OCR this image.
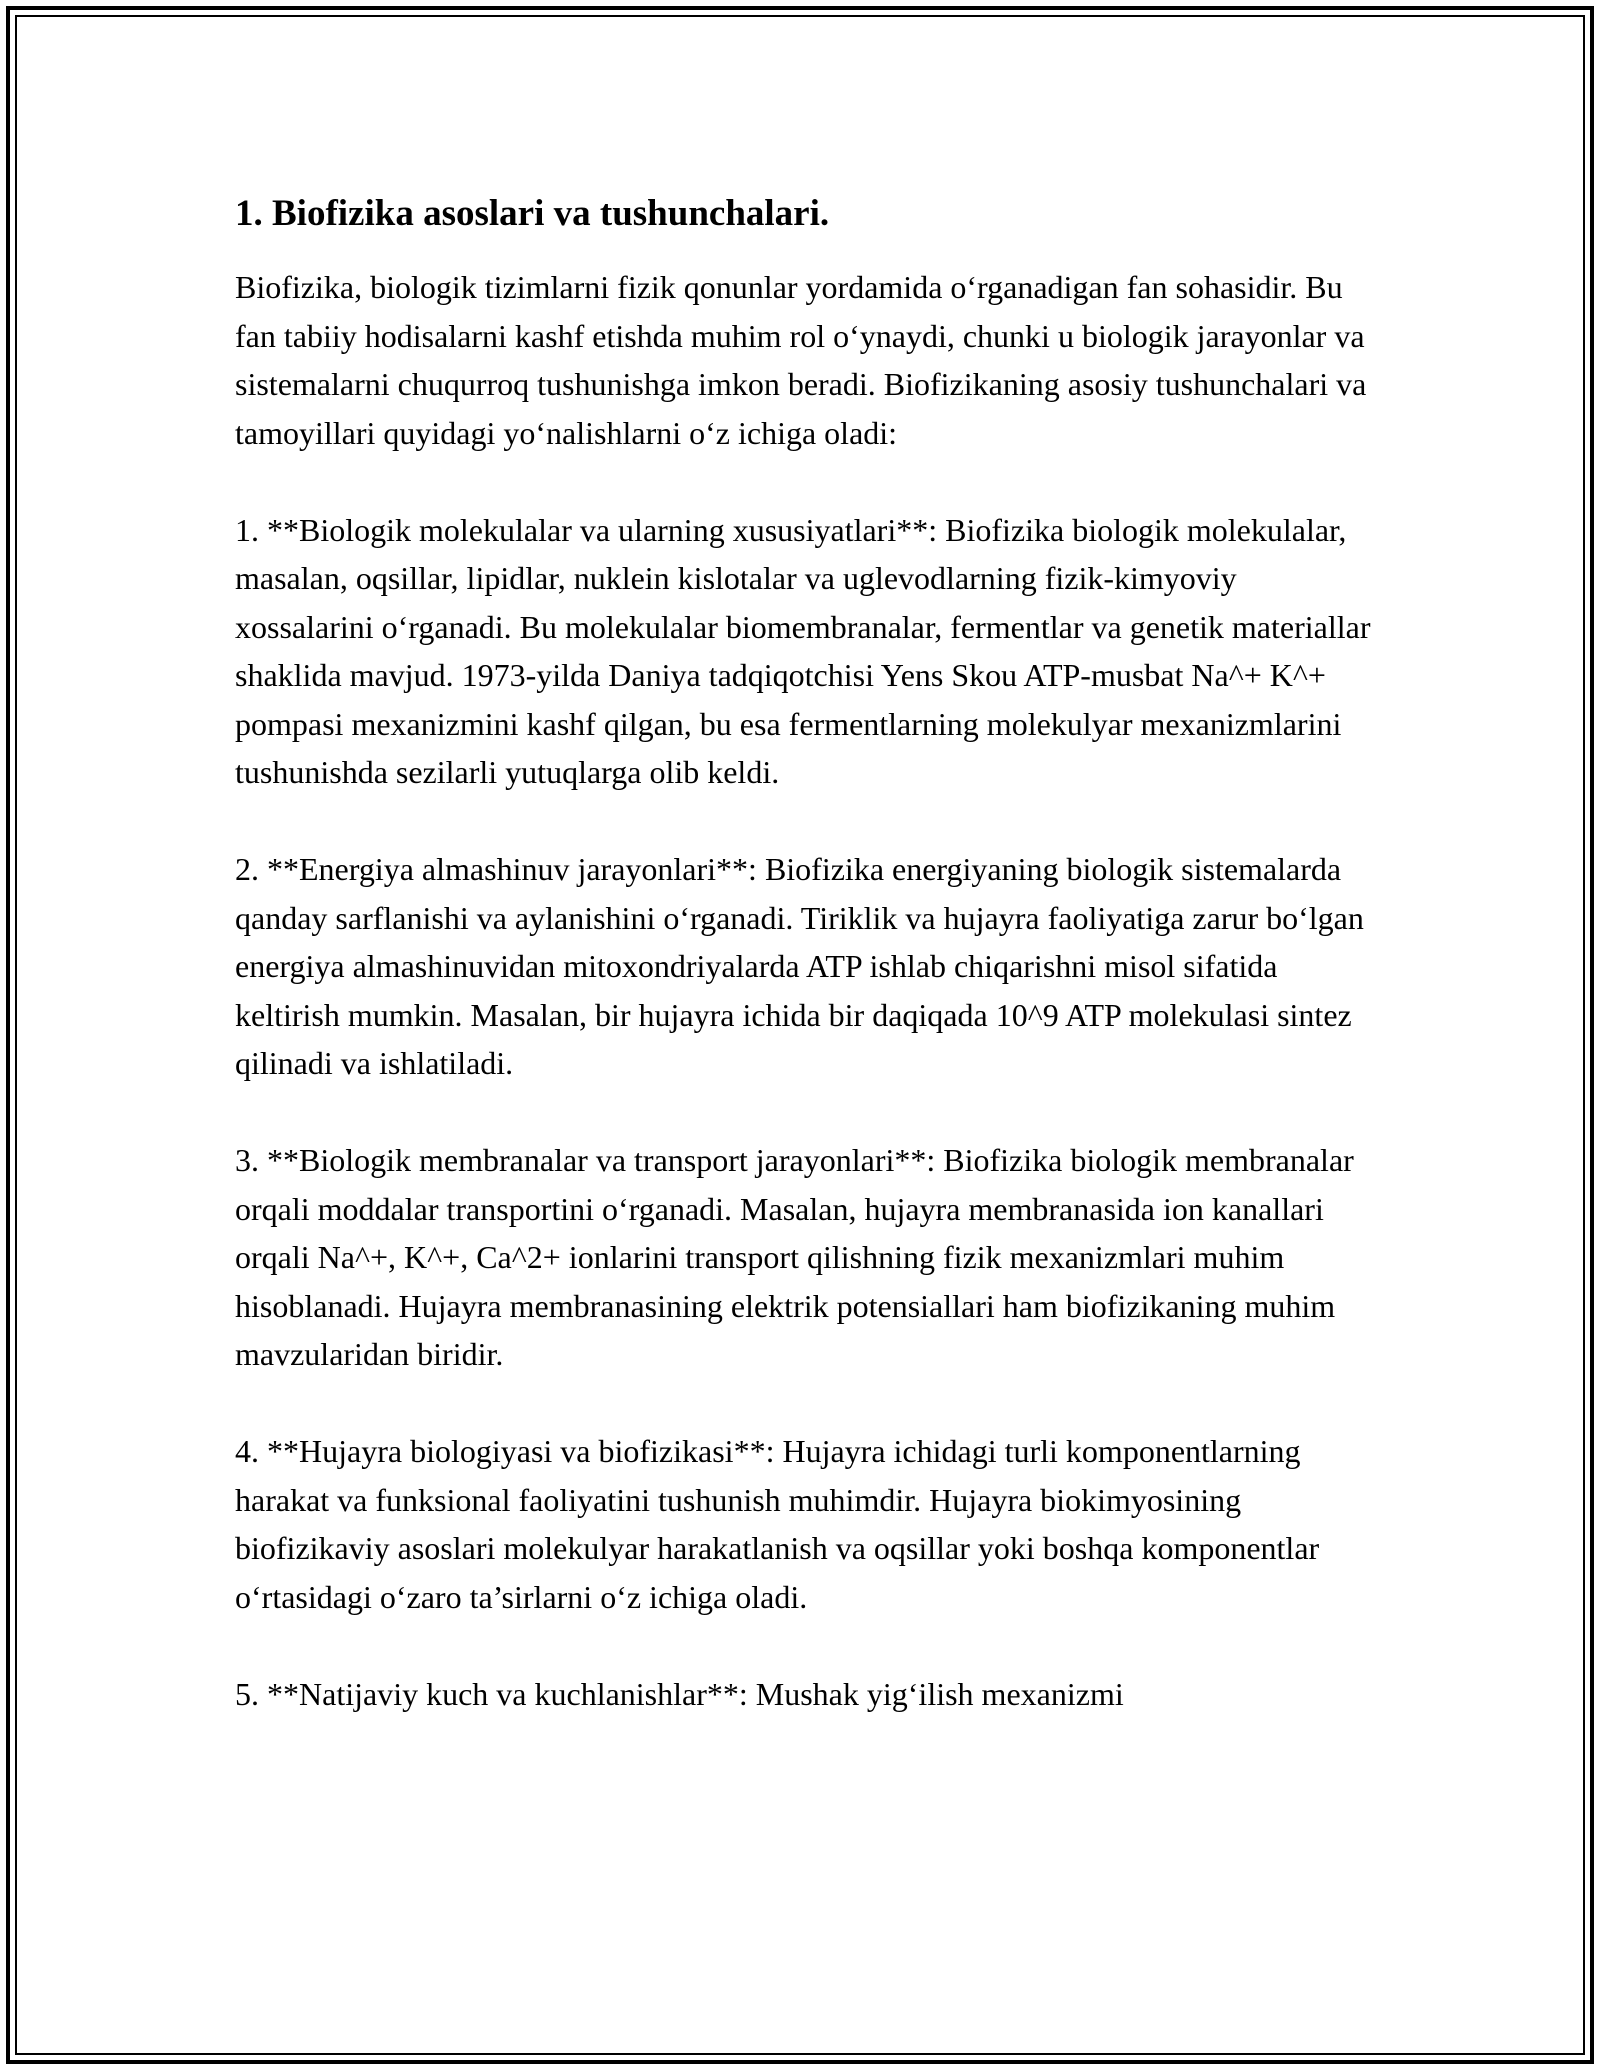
1. Biofizika asoslari va tushunchalari.

Biofizika, biologik tizimlarni fizik qonunlar yordamida o‘rganadigan fan sohasidir. Bu fan tabiiy hodisalarni kashf etishda muhim rol o‘ynaydi, chunki u biologik jarayonlar va sistemalarni chuqurroq tushunishga imkon beradi. Biofizikaning asosiy tushunchalari va tamoyillari quyidagi yo‘nalishlarni o‘z ichiga oladi:

1. **Biologik molekulalar va ularning xususiyatlari**: Biofizika biologik molekulalar, masalan, oqsillar, lipidlar, nuklein kislotalar va uglevodlarning fizik-kimyoviy xossalarini o‘rganadi. Bu molekulalar biomembranalar, fermentlar va genetik materiallar shaklida mavjud. 1973-yilda Daniya tadqiqotchisi Yens Skou ATP-musbat Na^+ K^+ pompasi mexanizmini kashf qilgan, bu esa fermentlarning molekulyar mexanizmlarini tushunishda sezilarli yutuqlarga olib keldi.

2. **Energiya almashinuv jarayonlari**: Biofizika energiyaning biologik sistemalarda qanday sarflanishi va aylanishini o‘rganadi. Tiriklik va hujayra faoliyatiga zarur bo‘lgan energiya almashinuvidan mitoxondriyalarda ATP ishlab chiqarishni misol sifatida keltirish mumkin. Masalan, bir hujayra ichida bir daqiqada 10^9 ATP molekulasi sintez qilinadi va ishlatiladi.

3. **Biologik membranalar va transport jarayonlari**: Biofizika biologik membranalar orqali moddalar transportini o‘rganadi. Masalan, hujayra membranasida ion kanallari orqali Na^+, K^+, Ca^2+ ionlarini transport qilishning fizik mexanizmlari muhim hisoblanadi. Hujayra membranasining elektrik potensiallari ham biofizikaning muhim mavzularidan biridir.

4. **Hujayra biologiyasi va biofizikasi**: Hujayra ichidagi turli komponentlarning harakat va funksional faoliyatini tushunish muhimdir. Hujayra biokimyosining biofizikaviy asoslari molekulyar harakatlanish va oqsillar yoki boshqa komponentlar o‘rtasidagi o‘zaro ta’sirlarni o‘z ichiga oladi.

5. **Natijaviy kuch va kuchlanishlar**: Mushak yig‘ilish mexanizmi
